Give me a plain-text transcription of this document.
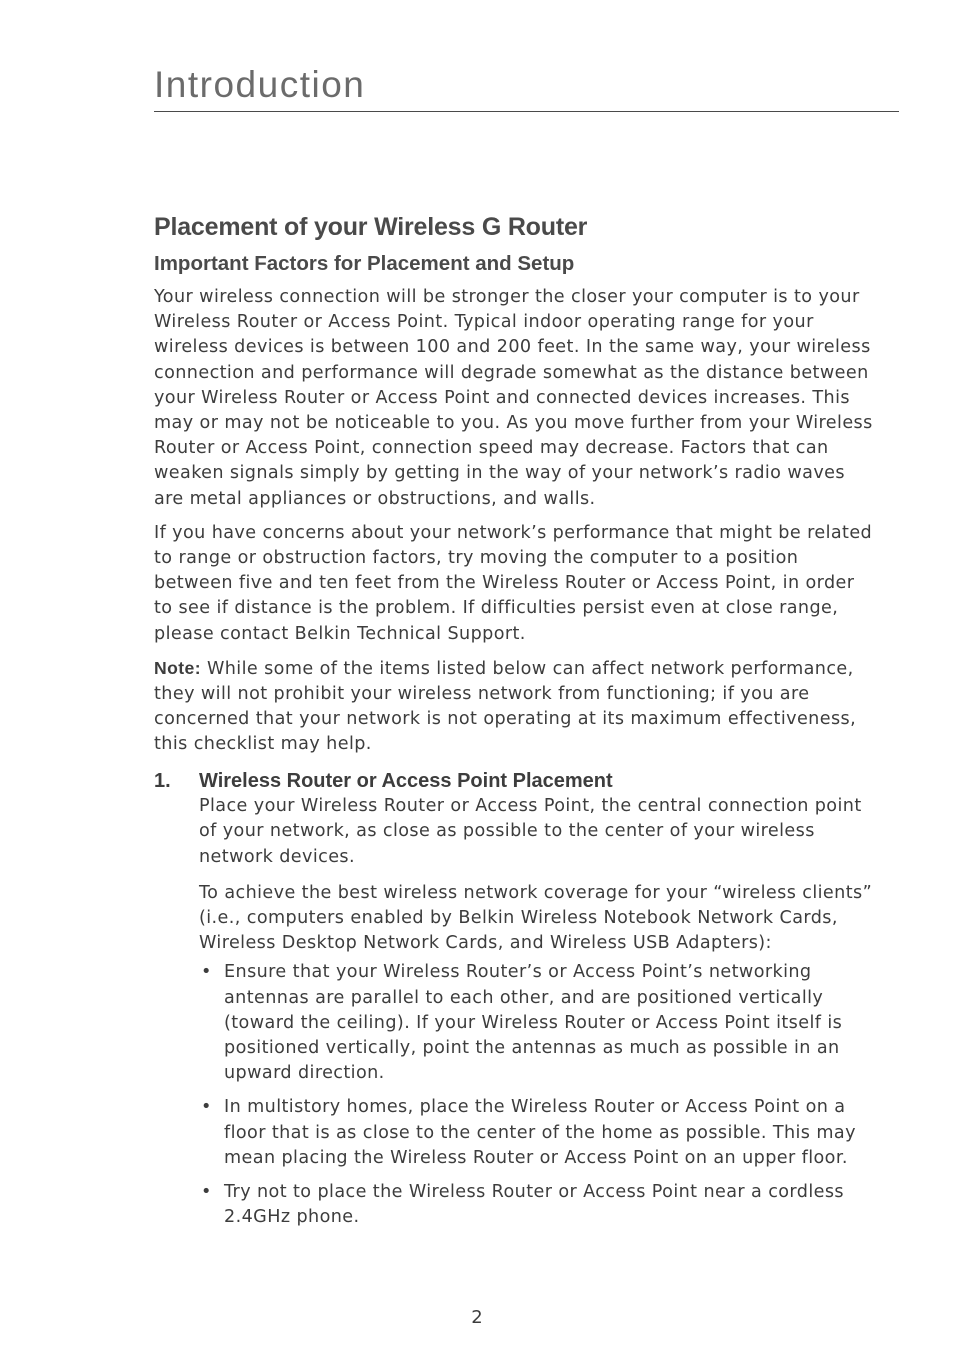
Introduction
Placement of your Wireless G Router
Important Factors for Placement and Setup

Your wireless connection will be stronger the closer your computer is to your Wireless Router or Access Point. Typical indoor operating range for your wireless devices is between 100 and 200 feet. In the same way, your wireless connection and performance will degrade somewhat as the distance between your Wireless Router or Access Point and connected devices increases. This may or may not be noticeable to you. As you move further from your Wireless Router or Access Point, connection speed may decrease. Factors that can weaken signals simply by getting in the way of your network’s radio waves are metal appliances or obstructions, and walls.

If you have concerns about your network’s performance that might be related to range or obstruction factors, try moving the computer to a position between five and ten feet from the Wireless Router or Access Point, in order to see if distance is the problem. If difficulties persist even at close range, please contact Belkin Technical Support.

Note: While some of the items listed below can affect network performance, they will not prohibit your wireless network from functioning; if you are concerned that your network is not operating at its maximum effectiveness, this checklist may help.

1. Wireless Router or Access Point Placement

Place your Wireless Router or Access Point, the central connection point of your network, as close as possible to the center of your wireless network devices.

To achieve the best wireless network coverage for your “wireless clients” (i.e., computers enabled by Belkin Wireless Notebook Network Cards, Wireless Desktop Network Cards, and Wireless USB Adapters):

• Ensure that your Wireless Router’s or Access Point’s networking antennas are parallel to each other, and are positioned vertically (toward the ceiling). If your Wireless Router or Access Point itself is positioned vertically, point the antennas as much as possible in an upward direction.
• In multistory homes, place the Wireless Router or Access Point on a floor that is as close to the center of the home as possible. This may mean placing the Wireless Router or Access Point on an upper floor.
• Try not to place the Wireless Router or Access Point near a cordless 2.4GHz phone.
2
